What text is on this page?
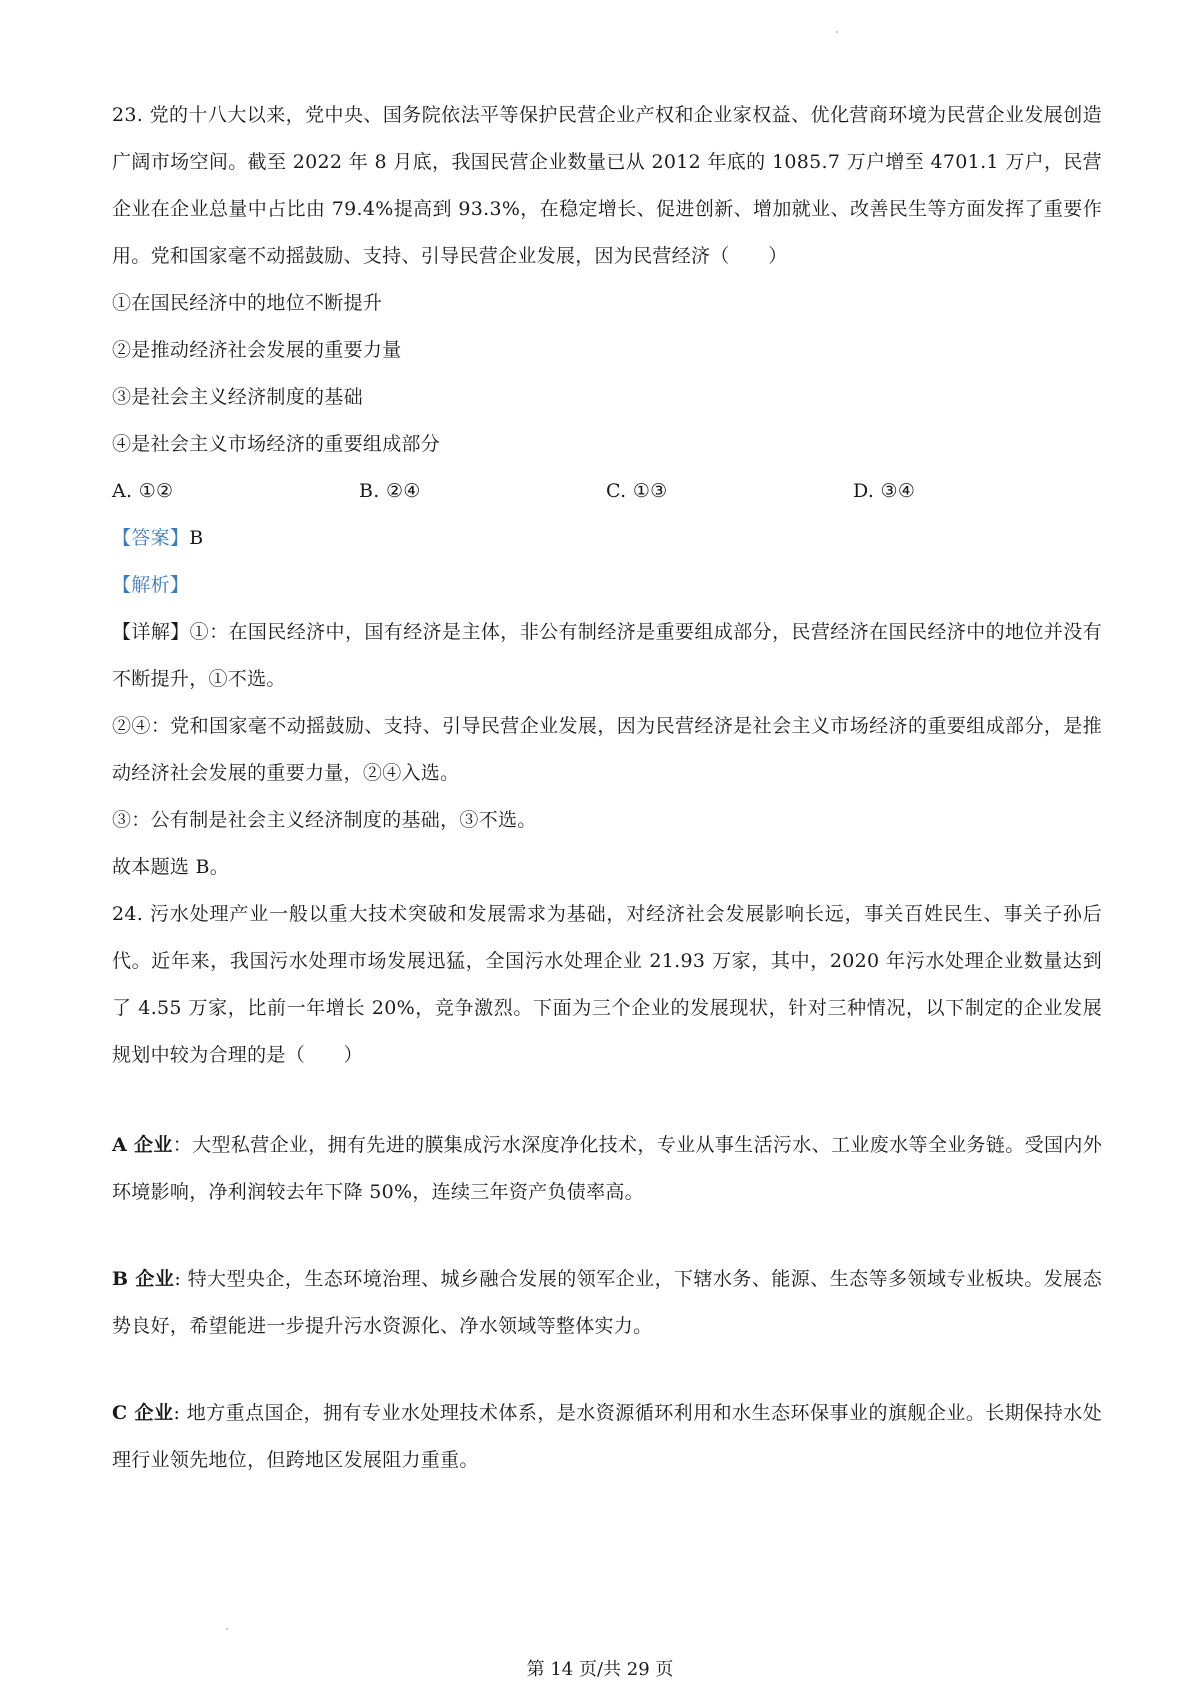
23. 党的十八大以来，党中央、国务院依法平等保护民营企业产权和企业家权益、优化营商环境为民营企业发展创造广阔市场空间。截至 2022 年 8 月底，我国民营企业数量已从 2012 年底的 1085.7 万户增至 4701.1 万户，民营企业在企业总量中占比由 79.4%提高到 93.3%，在稳定增长、促进创新、增加就业、改善民生等方面发挥了重要作用。党和国家毫不动摇鼓励、支持、引导民营企业发展，因为民营经济（　　）

①在国民经济中的地位不断提升

②是推动经济社会发展的重要力量

③是社会主义经济制度的基础

④是社会主义市场经济的重要组成部分

A. ①②	B. ②④	C. ①③	D. ③④

【答案】B

【解析】

【详解】①：在国民经济中，国有经济是主体，非公有制经济是重要组成部分，民营经济在国民经济中的地位并没有不断提升，①不选。

②④：党和国家毫不动摇鼓励、支持、引导民营企业发展，因为民营经济是社会主义市场经济的重要组成部分，是推动经济社会发展的重要力量，②④入选。

③：公有制是社会主义经济制度的基础，③不选。

故本题选 B。

24. 污水处理产业一般以重大技术突破和发展需求为基础，对经济社会发展影响长远，事关百姓民生、事关子孙后代。近年来，我国污水处理市场发展迅猛，全国污水处理企业 21.93 万家，其中，2020 年污水处理企业数量达到了 4.55 万家，比前一年增长 20%，竞争激烈。下面为三个企业的发展现状，针对三种情况，以下制定的企业发展规划中较为合理的是（　　）

A 企业：大型私营企业，拥有先进的膜集成污水深度净化技术，专业从事生活污水、工业废水等全业务链。受国内外环境影响，净利润较去年下降 50%，连续三年资产负债率高。

B 企业: 特大型央企，生态环境治理、城乡融合发展的领军企业，下辖水务、能源、生态等多领域专业板块。发展态势良好，希望能进一步提升污水资源化、净水领域等整体实力。

C 企业: 地方重点国企，拥有专业水处理技术体系，是水资源循环利用和水生态环保事业的旗舰企业。长期保持水处理行业领先地位，但跨地区发展阻力重重。

第 14 页/共 29 页
